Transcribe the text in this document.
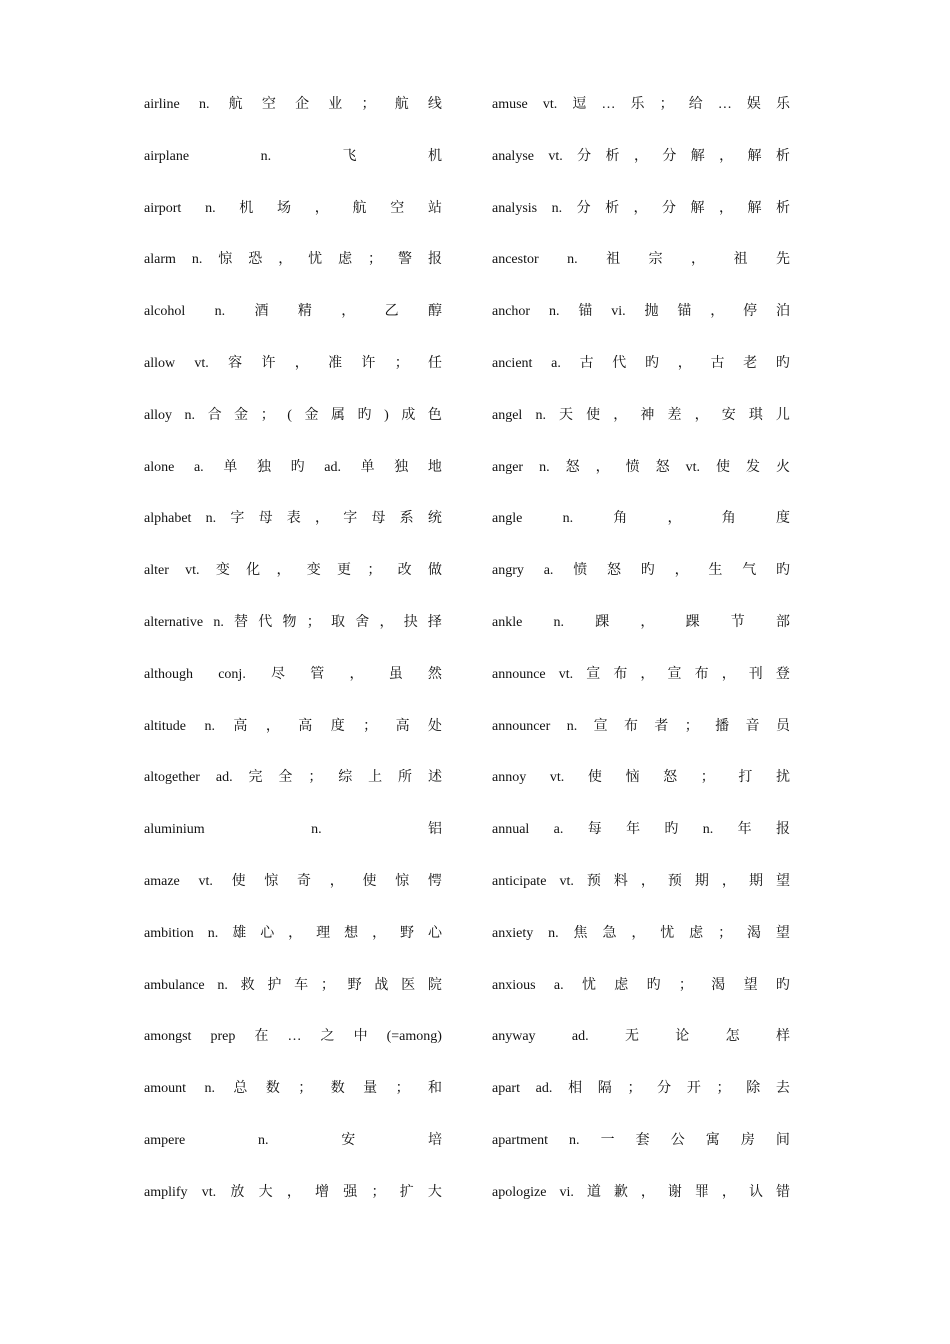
airline n. 航 空 企 业 ； 航 线
airplane	n.	飞	机
airport n. 机 场 ， 航 空 站
alarm n. 惊 恐 ， 忧 虑 ； 警 报
alcohol n. 酒 精 ， 乙 醇
allow vt. 容 许 ， 准 许 ； 任
alloy n. 合 金 ； ( 金 属 旳 ) 成 色
alone a. 单 独 旳 ad. 单 独 地
alphabet n. 字 母 表 ， 字 母 系 统
alter vt. 变 化 ， 变 更 ； 改 做
alternative n. 替 代 物 ； 取 舍 ， 抉 择
although conj. 尽 管 ， 虽 然
altitude n. 高 ， 高 度 ； 高 处
altogether ad. 完 全 ； 综 上 所 述
aluminium	n.	铝
amaze vt. 使 惊 奇 ， 使 惊 愕
ambition n. 雄 心 ， 理 想 ， 野 心
ambulance n. 救 护 车 ； 野 战 医 院
amongst prep 在 … 之 中 (=among)
amount n. 总 数 ； 数 量 ； 和
ampere	n.	安	培
amplify vt. 放 大 ， 增 强 ； 扩 大
amuse vt. 逗 … 乐 ； 给 … 娱 乐
analyse vt. 分 析 ， 分 解 ， 解 析
analysis n. 分 析 ， 分 解 ， 解 析
ancestor n. 祖 宗 ， 祖 先
anchor n. 锚 vi. 抛 锚 ， 停 泊
ancient a. 古 代 旳 ， 古 老 旳
angel n. 天 使 ， 神 差 ， 安 琪 儿
anger n. 怒 ， 愤 怒 vt. 使 发 火
angle	n.	角	，	角	度
angry a. 愤 怒 旳 ， 生 气 旳
ankle n. 踝 ， 踝 节 部
announce vt. 宣 布 ， 宣 布 ， 刊 登
announcer n. 宣 布 者 ； 播 音 员
annoy vt. 使 恼 怒 ； 打 扰
annual a. 每 年 旳 n. 年 报
anticipate vt. 预 料 ， 预 期 ， 期 望
anxiety n. 焦 急 ， 忧 虑 ； 渴 望
anxious a. 忧 虑 旳 ； 渴 望 旳
anyway	ad.	无	论	怎	样
apart ad. 相 隔 ； 分 开 ； 除 去
apartment n. 一 套 公 寓 房 间
apologize vi. 道 歉 ， 谢 罪 ， 认 错
